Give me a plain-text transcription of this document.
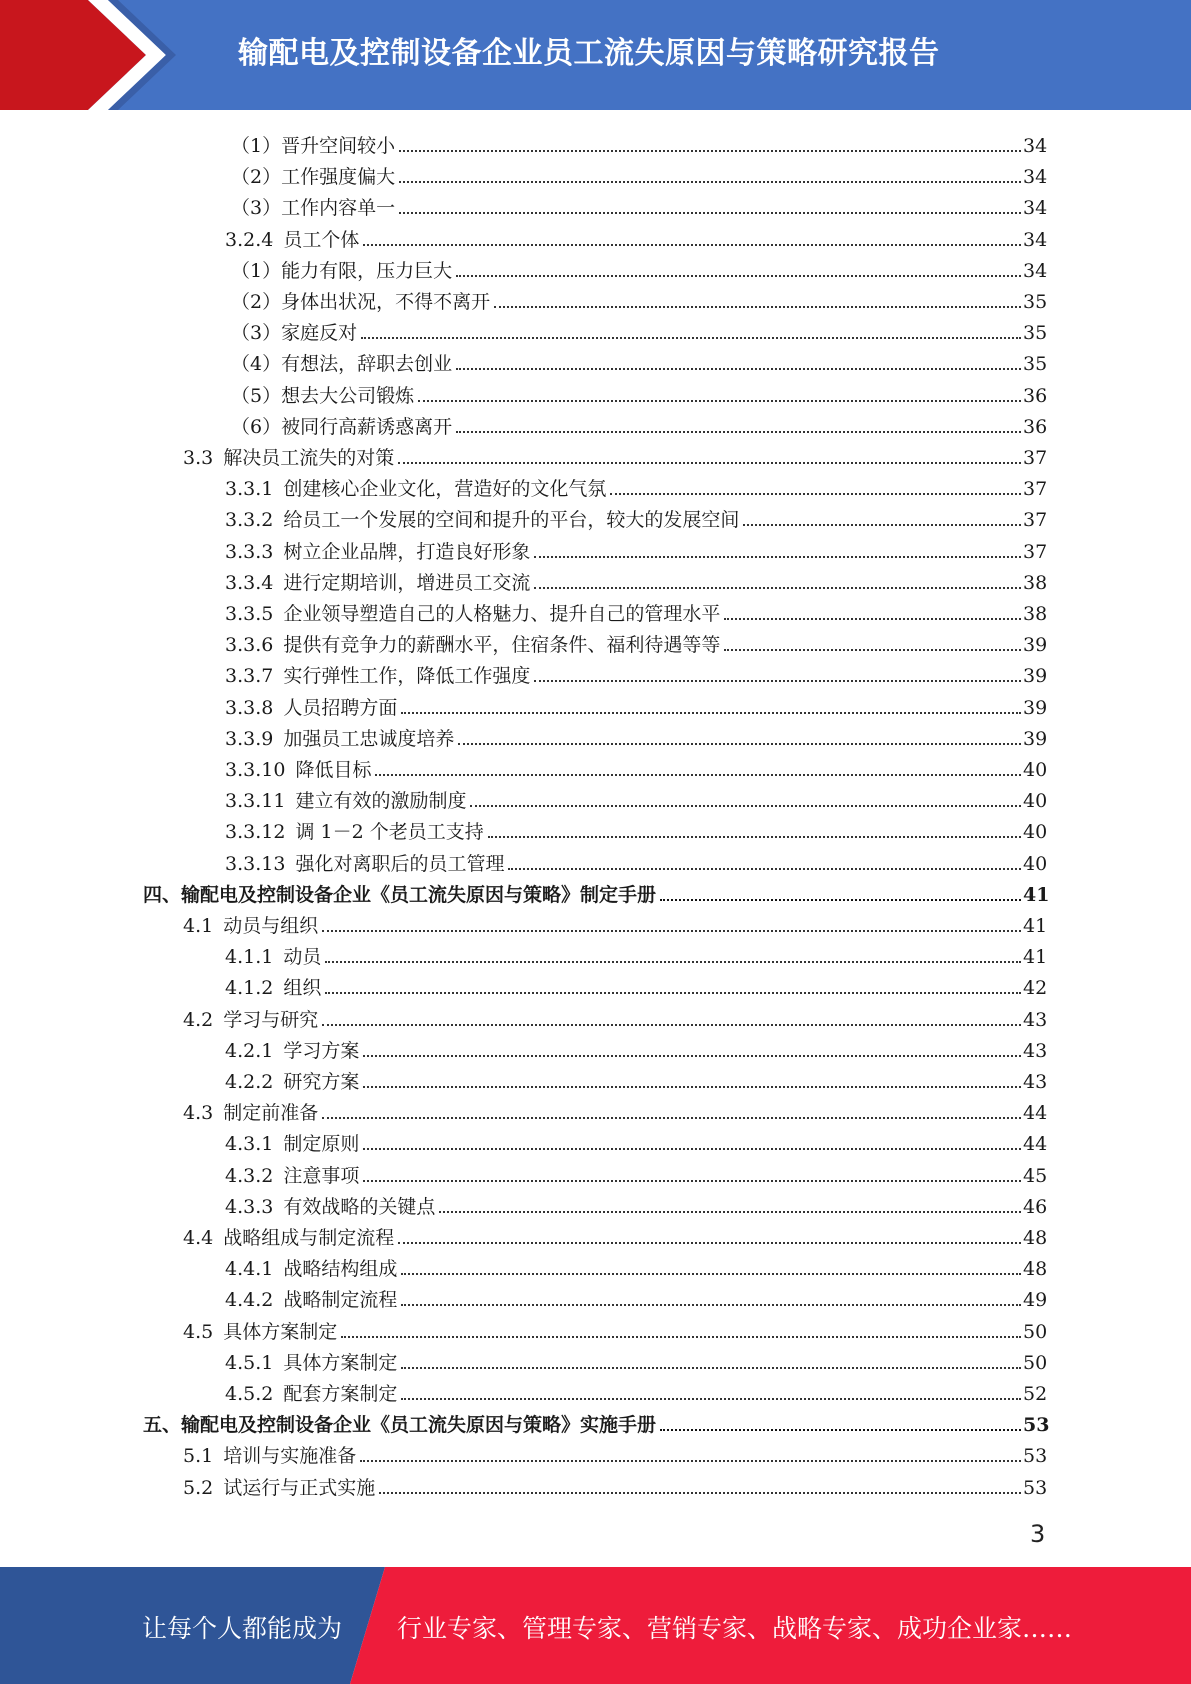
输配电及控制设备企业员工流失原因与策略研究报告
（1） 晋升空间较小	34
（2） 工作强度偏大	34
（3） 工作内容单一	34
3.2.4 员工个体	34
（1） 能力有限，压力巨大	34
（2） 身体出状况，不得不离开	35
（3） 家庭反对	35
（4） 有想法，辞职去创业	35
（5） 想去大公司锻炼	36
（6） 被同行高薪诱惑离开	36
3.3 解决员工流失的对策	37
3.3.1 创建核心企业文化，营造好的文化气氛	37
3.3.2 给员工一个发展的空间和提升的平台，较大的发展空间	37
3.3.3 树立企业品牌，打造良好形象	37
3.3.4 进行定期培训，增进员工交流	38
3.3.5 企业领导塑造自己的人格魅力、提升自己的管理水平	38
3.3.6 提供有竞争力的薪酬水平，住宿条件、福利待遇等等	39
3.3.7 实行弹性工作，降低工作强度	39
3.3.8 人员招聘方面	39
3.3.9 加强员工忠诚度培养	39
3.3.10 降低目标	40
3.3.11 建立有效的激励制度	40
3.3.12 调 1－2 个老员工支持	40
3.3.13 强化对离职后的员工管理	40
四、 输配电及控制设备企业《员工流失原因与策略》制定手册	41
4.1 动员与组织	41
4.1.1 动员	41
4.1.2 组织	42
4.2 学习与研究	43
4.2.1 学习方案	43
4.2.2 研究方案	43
4.3 制定前准备	44
4.3.1 制定原则	44
4.3.2 注意事项	45
4.3.3 有效战略的关键点	46
4.4 战略组成与制定流程	48
4.4.1 战略结构组成	48
4.4.2 战略制定流程	49
4.5 具体方案制定	50
4.5.1 具体方案制定	50
4.5.2 配套方案制定	52
五、 输配电及控制设备企业《员工流失原因与策略》实施手册	53
5.1 培训与实施准备	53
5.2 试运行与正式实施	53
3
让每个人都能成为 行业专家、管理专家、营销专家、战略专家、成功企业家……
